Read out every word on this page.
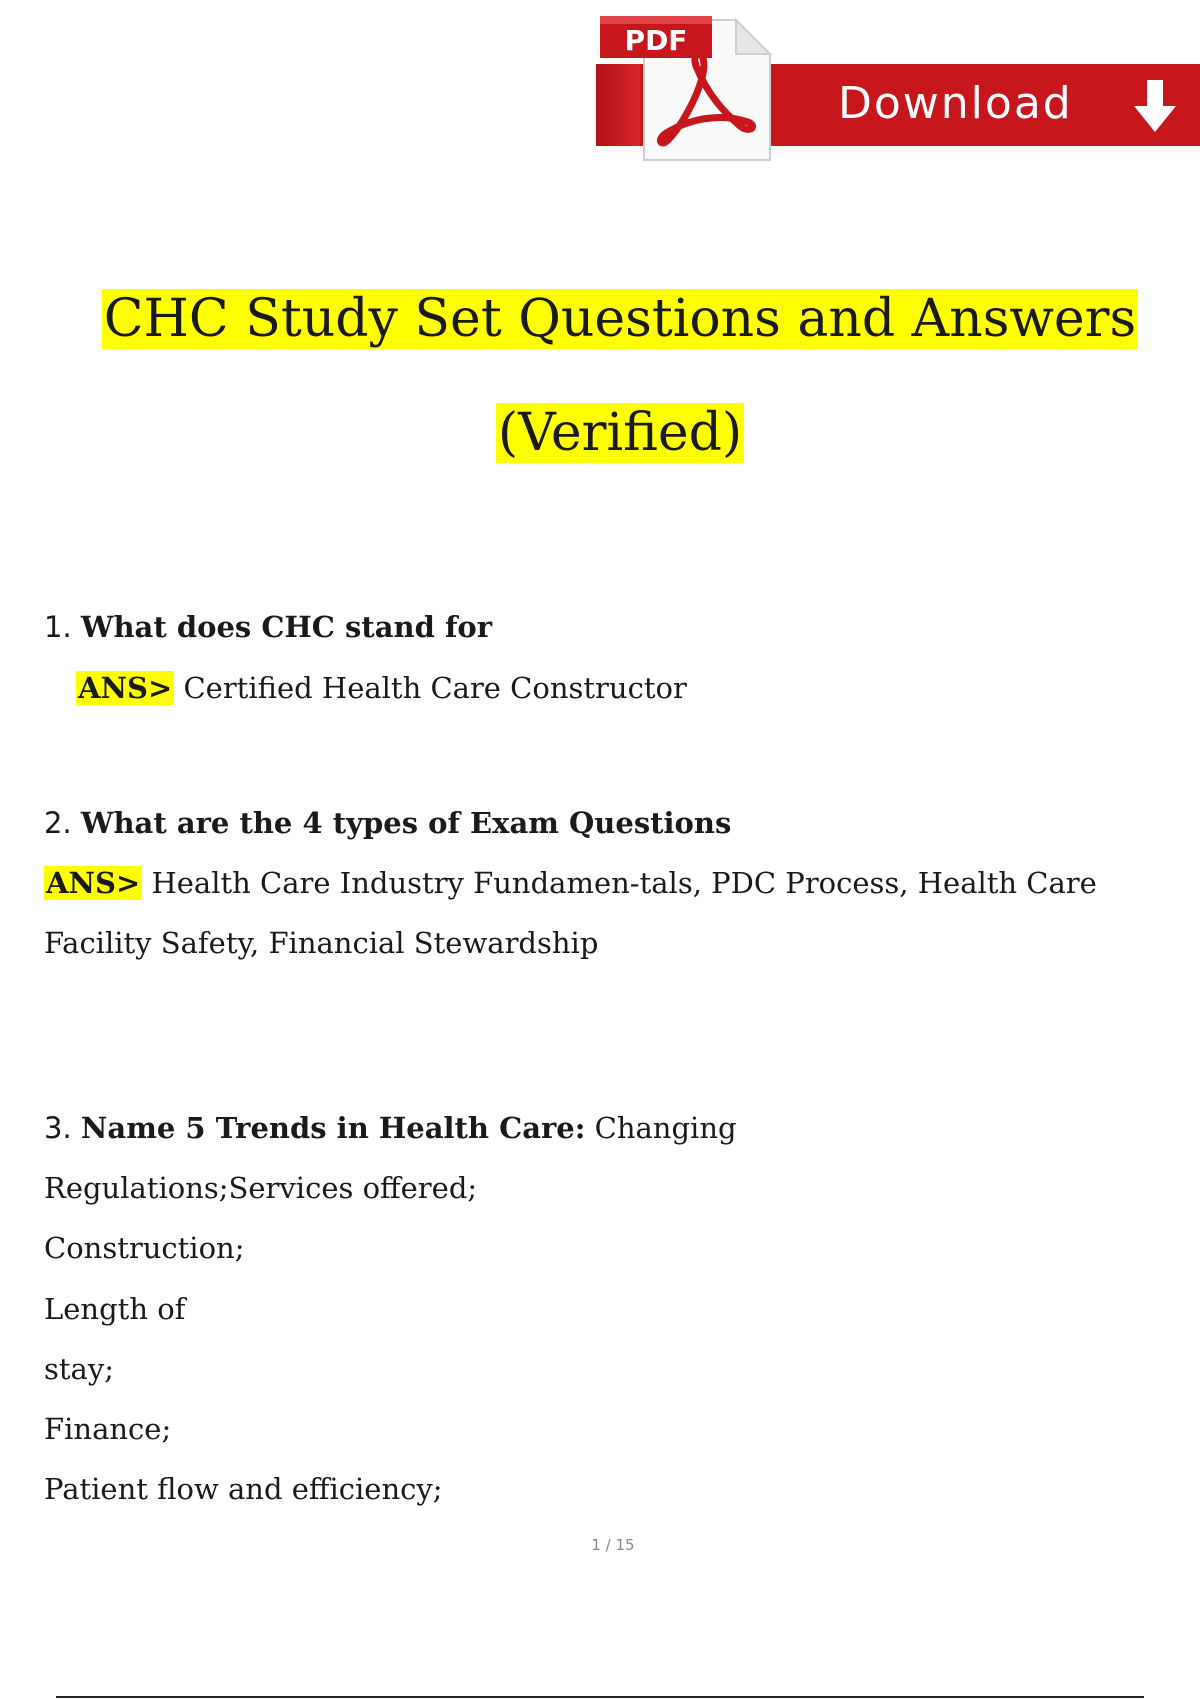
PDF
Download
CHC Study Set Questions and Answers
(Verified)
1. What does CHC stand for
ANS> Certified Health Care Constructor
2. What are the 4 types of Exam Questions
ANS> Health Care Industry Fundamen-tals, PDC Process, Health Care
Facility Safety, Financial Stewardship
3. Name 5 Trends in Health Care: Changing
Regulations;Services offered;
Construction;
Length of
stay;
Finance;
Patient flow and efficiency;
1 / 15
